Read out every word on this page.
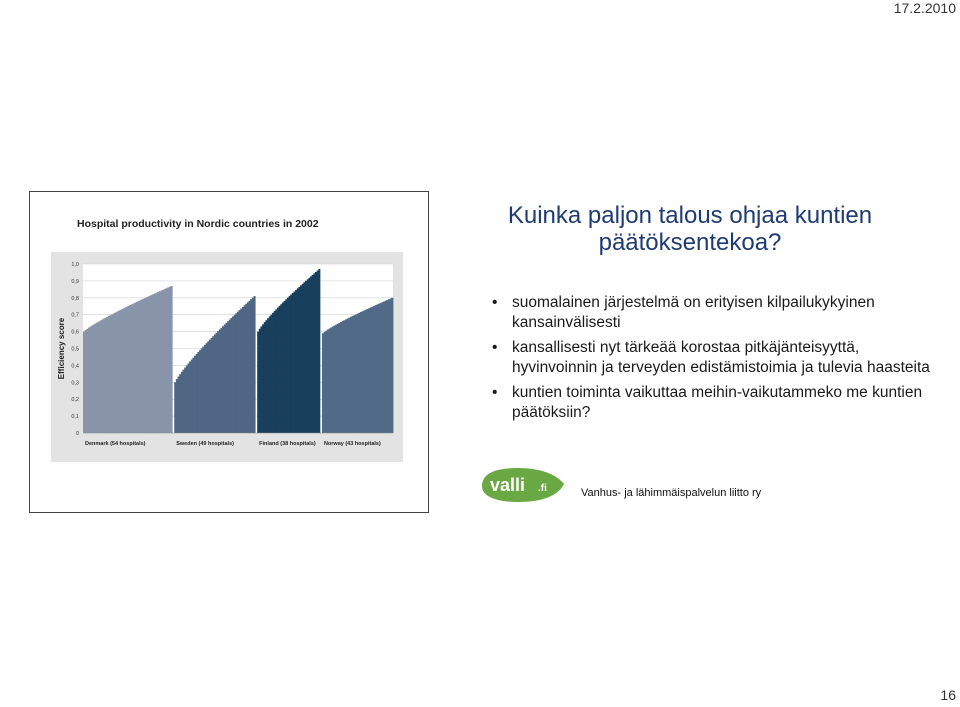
17.2.2010
Hospital productivity in Nordic countries in 2002
0
0,1
0,2
0,3
0,4
0,5
0,6
0,7
0,8
0,9
1,0
Efficiency score
Denmark (54 hospitals)	Sweden (49 hospitals)	Finland (38 hospitals) Norway (43 hospitals)
Kuinka paljon talous ohjaa kuntien päätöksentekoa?
• suomalainen järjestelmä on erityisen kilpailukykyinen kansainvälisesti
• kansallisesti nyt tärkeää korostaa pitkäjänteisyyttä, hyvinvoinnin ja terveyden edistämistoimia ja tulevia haasteita
• kuntien toiminta vaikuttaa meihin-vaikutammeko me kuntien päätöksiin?
valli .fi	Vanhus- ja lähimmäispalvelun liitto ry
16
